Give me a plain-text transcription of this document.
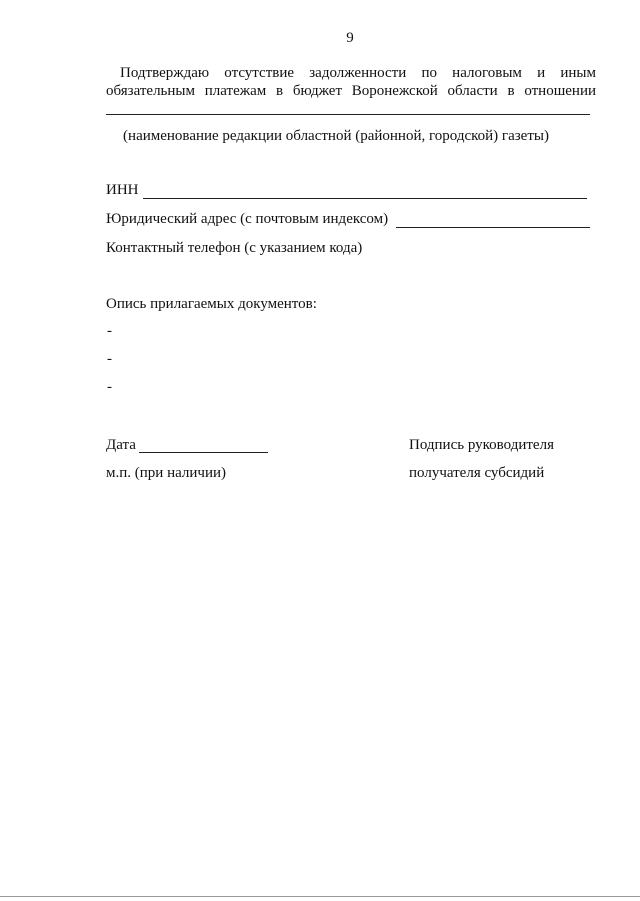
9
Подтверждаю отсутствие задолженности по налоговым и иным
обязательным платежам в бюджет Воронежской области в отношении
(наименование редакции областной (районной, городской) газеты)
ИНН
Юридический адрес (с почтовым индексом)
Контактный телефон (с указанием кода)
Опись прилагаемых документов:
-
-
-
Дата
м.п. (при наличии)
Подпись руководителя
получателя субсидий
